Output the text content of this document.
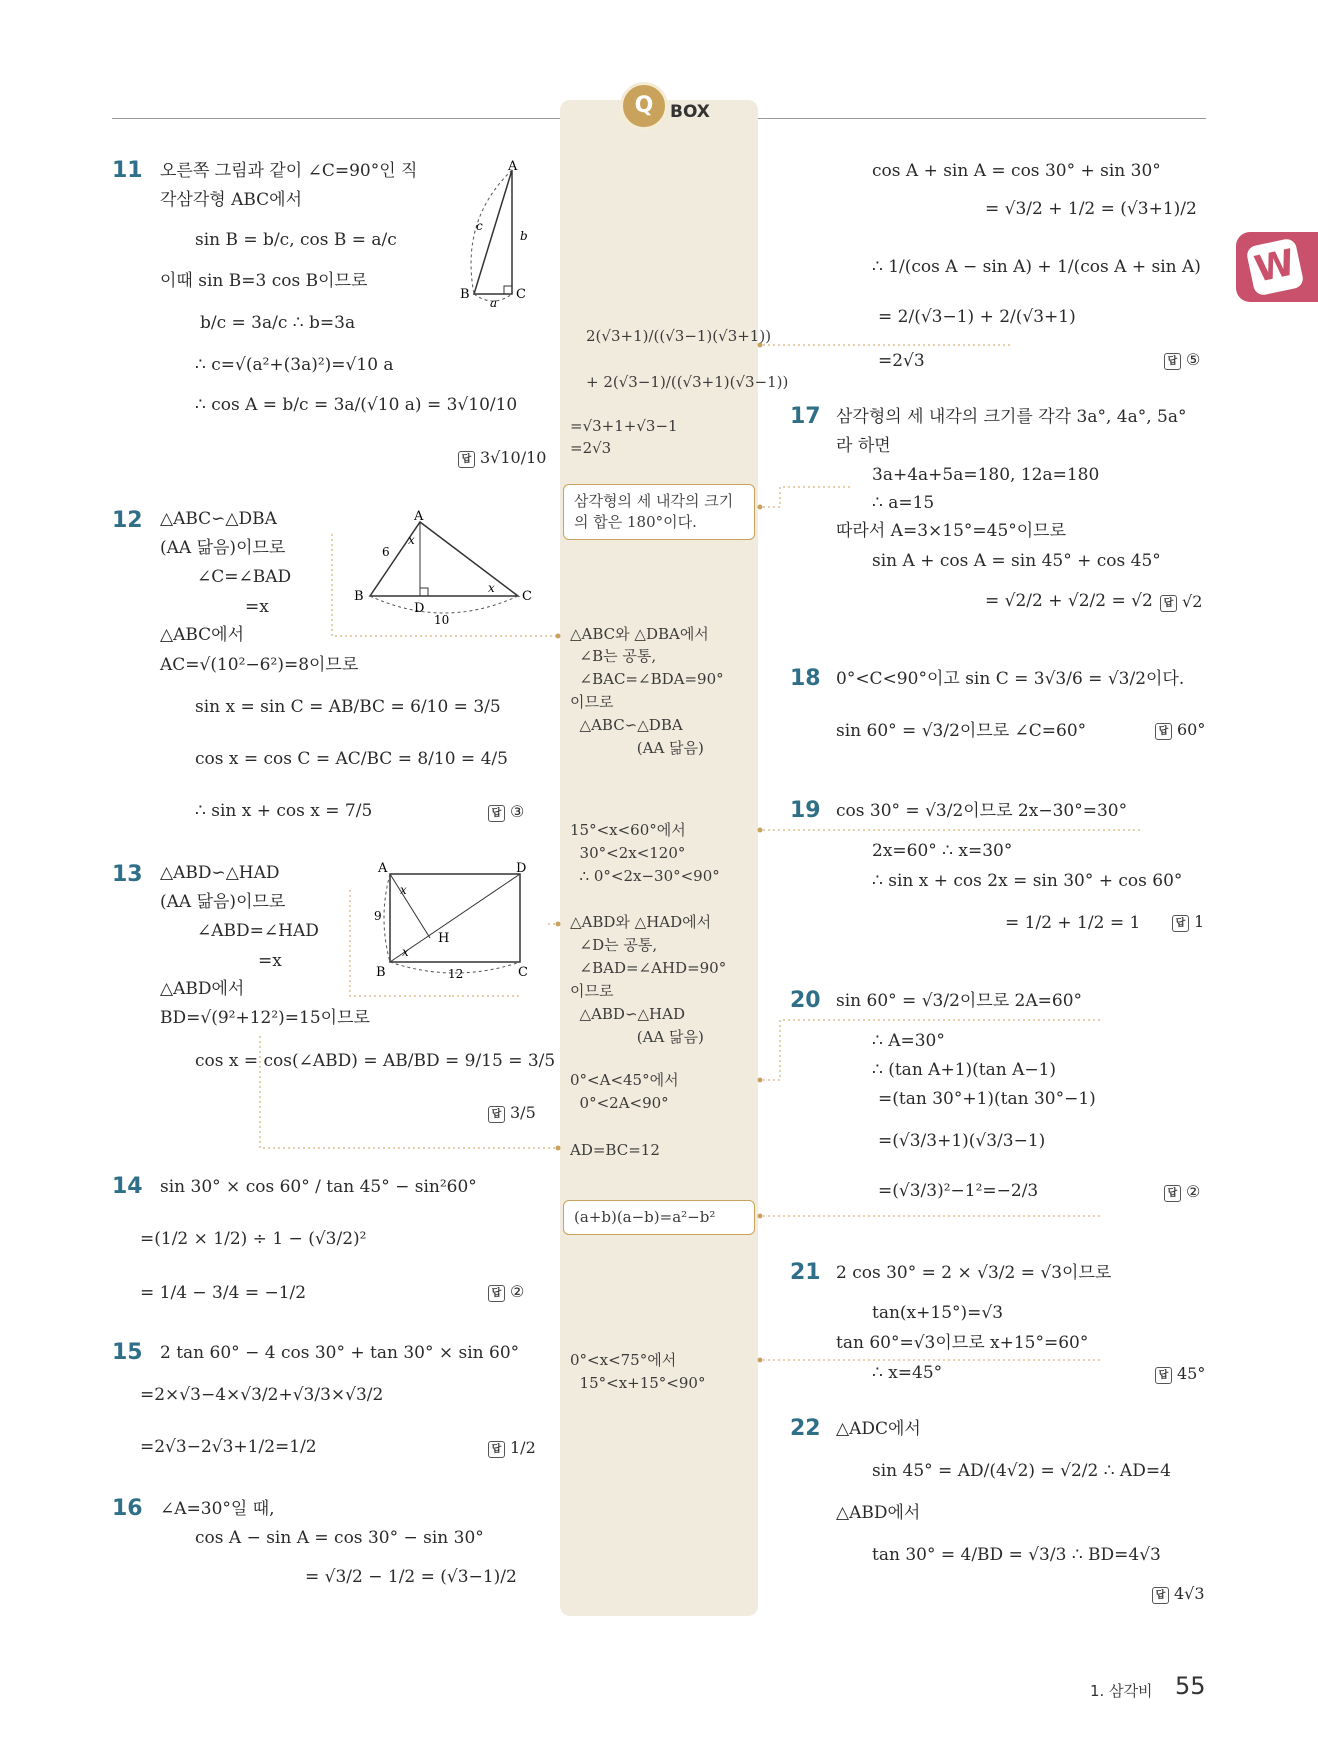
Q BOX
W
11 오른쪽 그림과 같이 ∠C=90°인 직
각삼각형 ABC에서
sin B = b/c, cos B = a/c
이때 sin B=3 cos B이므로
b/c = 3a/c ∴ b=3a
∴ c=√(a²+(3a)²)=√10 a
∴ cos A = b/c = 3a/(√10 a) = 3√10/10
답 3√10/10
A
B	C
a
b
c
12 △ABC∽△DBA
(AA 닮음)이므로
∠C=∠BAD
=x
△ABC에서
AC=√(10²−6²)=8이므로
sin x = sin C = AB/BC = 6/10 = 3/5
cos x = cos C = AC/BC = 8/10 = 4/5
∴ sin x + cos x = 7/5	답 ③
A
B	C
D
6
10
x
x
13 △ABD∽△HAD
(AA 닮음)이므로
∠ABD=∠HAD
=x
△ABD에서
BD=√(9²+12²)=15이므로
cos x = cos(∠ABD) = AB/BD = 9/15 = 3/5
답 3/5
A	D
B	C
H
9
12
x
x
14 sin 30° × cos 60° / tan 45° − sin²60°
=(1/2 × 1/2) ÷ 1 − (√3/2)²
= 1/4 − 3/4 = −1/2	답 ②
15 2 tan 60° − 4 cos 30° + tan 30° × sin 60°
=2×√3−4×√3/2+√3/3×√3/2
=2√3−2√3+1/2=1/2	답 1/2
16 ∠A=30°일 때,
cos A − sin A = cos 30° − sin 30°
= √3/2 − 1/2 = (√3−1)/2
2(√3+1)/((√3−1)(√3+1))
+ 2(√3−1)/((√3+1)(√3−1))
=√3+1+√3−1
=2√3
삼각형의 세 내각의 크기
의 합은 180°이다.
△ABC와 △DBA에서
∠B는 공통,
∠BAC=∠BDA=90°
이므로
△ABC∽△DBA
(AA 닮음)
15°<x<60°에서
30°<2x<120°
∴ 0°<2x−30°<90°
△ABD와 △HAD에서
∠D는 공통,
∠BAD=∠AHD=90°
이므로
△ABD∽△HAD
(AA 닮음)
0°<A<45°에서
0°<2A<90°
AD=BC=12
(a+b)(a−b)=a²−b²
0°<x<75°에서
15°<x+15°<90°
cos A + sin A = cos 30° + sin 30°
= √3/2 + 1/2 = (√3+1)/2
∴ 1/(cos A − sin A) + 1/(cos A + sin A)
= 2/(√3−1) + 2/(√3+1)
=2√3	답 ⑤
17 삼각형의 세 내각의 크기를 각각 3a°, 4a°, 5a°
라 하면
3a+4a+5a=180, 12a=180
∴ a=15
따라서 A=3×15°=45°이므로
sin A + cos A = sin 45° + cos 45°
= √2/2 + √2/2 = √2	답 √2
18 0°<C<90°이고 sin C = 3√3/6 = √3/2이다.
sin 60° = √3/2이므로 ∠C=60°	답 60°
19 cos 30° = √3/2이므로 2x−30°=30°
2x=60° ∴ x=30°
∴ sin x + cos 2x = sin 30° + cos 60°
= 1/2 + 1/2 = 1	답 1
20 sin 60° = √3/2이므로 2A=60°
∴ A=30°
∴ (tan A+1)(tan A−1)
=(tan 30°+1)(tan 30°−1)
=(√3/3+1)(√3/3−1)
=(√3/3)²−1²=−2/3	답 ②
21 2 cos 30° = 2 × √3/2 = √3이므로
tan(x+15°)=√3
tan 60°=√3이므로 x+15°=60°
∴ x=45°	답 45°
22 △ADC에서
sin 45° = AD/(4√2) = √2/2 ∴ AD=4
△ABD에서
tan 30° = 4/BD = √3/3 ∴ BD=4√3
답 4√3
1. 삼각비 55
